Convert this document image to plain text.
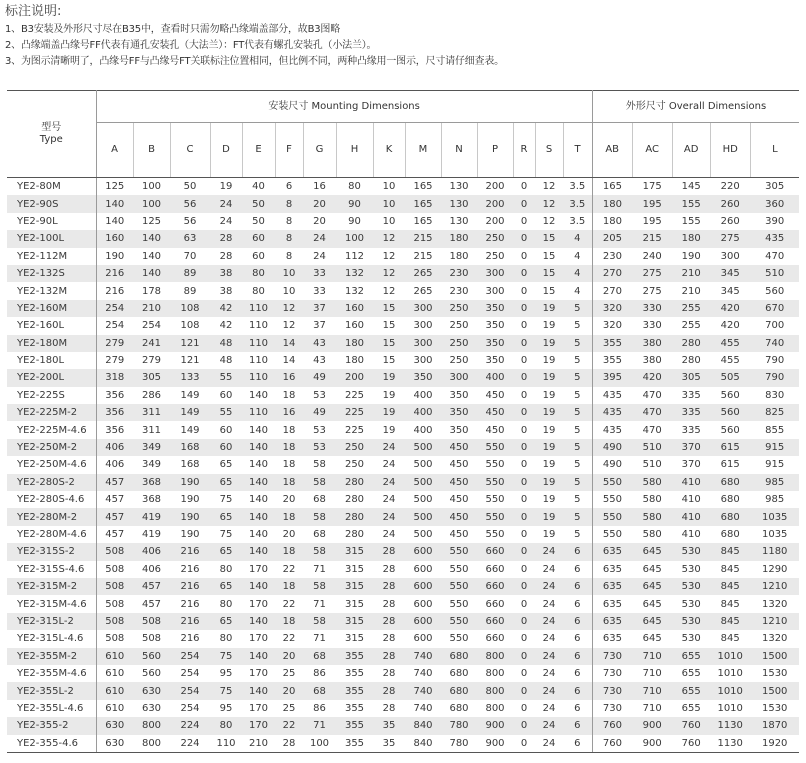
标注说明:
1、B3安装及外形尺寸尽在B35中，查看时只需勿略凸缘端盖部分，故B3图略
2、凸缘端盖凸缘号FF代表有通孔安装孔（大法兰）：FT代表有螺孔安装孔（小法兰）。
3、为图示清晰明了，凸缘号FF与凸缘号FT关联标注位置相同，但比例不同，两种凸缘用一图示，尺寸请仔细查表。
型号
Type	安装尺寸 Mounting Dimensions															外形尺寸 Overall Dimensions				
	A	B	C	D	E	F	G	H	K	M	N	P	R	S	T	AB	AC	AD	HD	L
YE2-80M	125	100	50	19	40	6	16	80	10	165	130	200	0	12	3.5	165	175	145	220	305
YE2-90S	140	100	56	24	50	8	20	90	10	165	130	200	0	12	3.5	180	195	155	260	360
YE2-90L	140	125	56	24	50	8	20	90	10	165	130	200	0	12	3.5	180	195	155	260	390
YE2-100L	160	140	63	28	60	8	24	100	12	215	180	250	0	15	4	205	215	180	275	435
YE2-112M	190	140	70	28	60	8	24	112	12	215	180	250	0	15	4	230	240	190	300	470
YE2-132S	216	140	89	38	80	10	33	132	12	265	230	300	0	15	4	270	275	210	345	510
YE2-132M	216	178	89	38	80	10	33	132	12	265	230	300	0	15	4	270	275	210	345	560
YE2-160M	254	210	108	42	110	12	37	160	15	300	250	350	0	19	5	320	330	255	420	670
YE2-160L	254	254	108	42	110	12	37	160	15	300	250	350	0	19	5	320	330	255	420	700
YE2-180M	279	241	121	48	110	14	43	180	15	300	250	350	0	19	5	355	380	280	455	740
YE2-180L	279	279	121	48	110	14	43	180	15	300	250	350	0	19	5	355	380	280	455	790
YE2-200L	318	305	133	55	110	16	49	200	19	350	300	400	0	19	5	395	420	305	505	790
YE2-225S	356	286	149	60	140	18	53	225	19	400	350	450	0	19	5	435	470	335	560	830
YE2-225M-2	356	311	149	55	110	16	49	225	19	400	350	450	0	19	5	435	470	335	560	825
YE2-225M-4.6	356	311	149	60	140	18	53	225	19	400	350	450	0	19	5	435	470	335	560	855
YE2-250M-2	406	349	168	60	140	18	53	250	24	500	450	550	0	19	5	490	510	370	615	915
YE2-250M-4.6	406	349	168	65	140	18	58	250	24	500	450	550	0	19	5	490	510	370	615	915
YE2-280S-2	457	368	190	65	140	18	58	280	24	500	450	550	0	19	5	550	580	410	680	985
YE2-280S-4.6	457	368	190	75	140	20	68	280	24	500	450	550	0	19	5	550	580	410	680	985
YE2-280M-2	457	419	190	65	140	18	58	280	24	500	450	550	0	19	5	550	580	410	680	1035
YE2-280M-4.6	457	419	190	75	140	20	68	280	24	500	450	550	0	19	5	550	580	410	680	1035
YE2-315S-2	508	406	216	65	140	18	58	315	28	600	550	660	0	24	6	635	645	530	845	1180
YE2-315S-4.6	508	406	216	80	170	22	71	315	28	600	550	660	0	24	6	635	645	530	845	1290
YE2-315M-2	508	457	216	65	140	18	58	315	28	600	550	660	0	24	6	635	645	530	845	1210
YE2-315M-4.6	508	457	216	80	170	22	71	315	28	600	550	660	0	24	6	635	645	530	845	1320
YE2-315L-2	508	508	216	65	140	18	58	315	28	600	550	660	0	24	6	635	645	530	845	1210
YE2-315L-4.6	508	508	216	80	170	22	71	315	28	600	550	660	0	24	6	635	645	530	845	1320
YE2-355M-2	610	560	254	75	140	20	68	355	28	740	680	800	0	24	6	730	710	655	1010	1500
YE2-355M-4.6	610	560	254	95	170	25	86	355	28	740	680	800	0	24	6	730	710	655	1010	1530
YE2-355L-2	610	630	254	75	140	20	68	355	28	740	680	800	0	24	6	730	710	655	1010	1500
YE2-355L-4.6	610	630	254	95	170	25	86	355	28	740	680	800	0	24	6	730	710	655	1010	1530
YE2-355-2	630	800	224	80	170	22	71	355	35	840	780	900	0	24	6	760	900	760	1130	1870
YE2-355-4.6	630	800	224	110	210	28	100	355	35	840	780	900	0	24	6	760	900	760	1130	1920
